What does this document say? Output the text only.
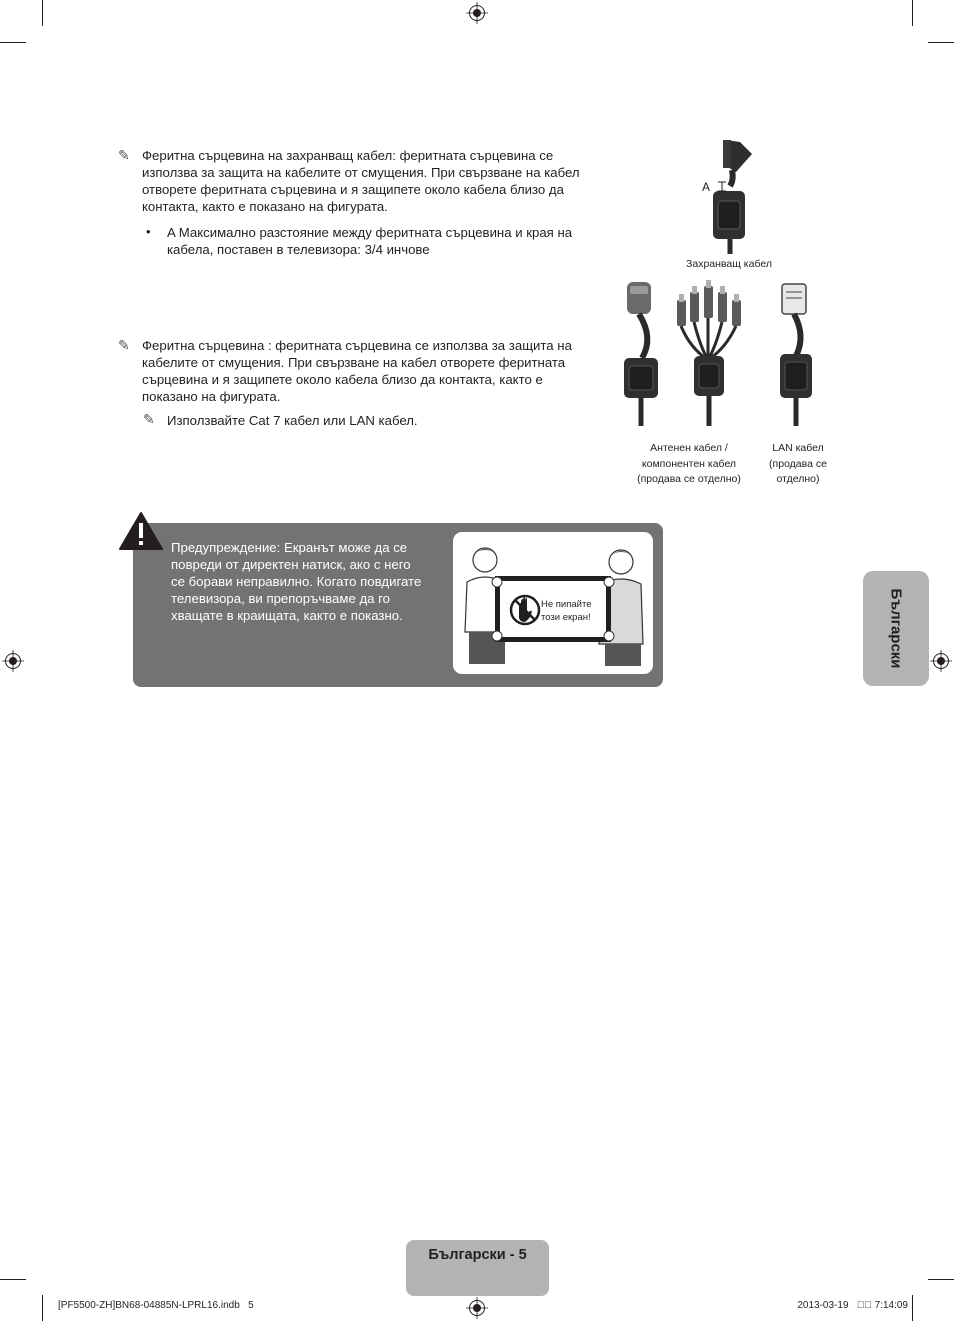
✎ Феритна сърцевина на захранващ кабел: феритната сърцевина се
използва за защита на кабелите от смущения. При свързване на кабел
отворете феритната сърцевина и я защипете около кабела близо да
контакта, както е показано на фигурата.
• A Максимално разстояние между феритната сърцевина и края на
кабела, поставен в телевизора: 3/4 инчове
✎ Феритна сърцевина : феритната сърцевина се използва за защита на
кабелите от смущения. При свързване на кабел отворете феритната
сърцевина и я защипете около кабела близо да контакта, както е
показано на фигурата.
✎ Използвайте Cat 7 кабел или LAN кабел.
A
Захранващ кабел
Антенен кабел /
компонентен кабел
(продава се отделно)
LAN кабел
(продава се
отделно)
Предупреждение: Екранът може да се
повреди от директен натиск, ако с него
се борави неправилно. Когато повдигате
телевизора, ви препоръчваме да го
хващате в краищата, както е показно.
Не пипайте
този екран!	Български
Български - 5
[PF5500-ZH]BN68-04885N-LPRL16.indb   5	2013-03-19   ￿￿ 7:14:09
